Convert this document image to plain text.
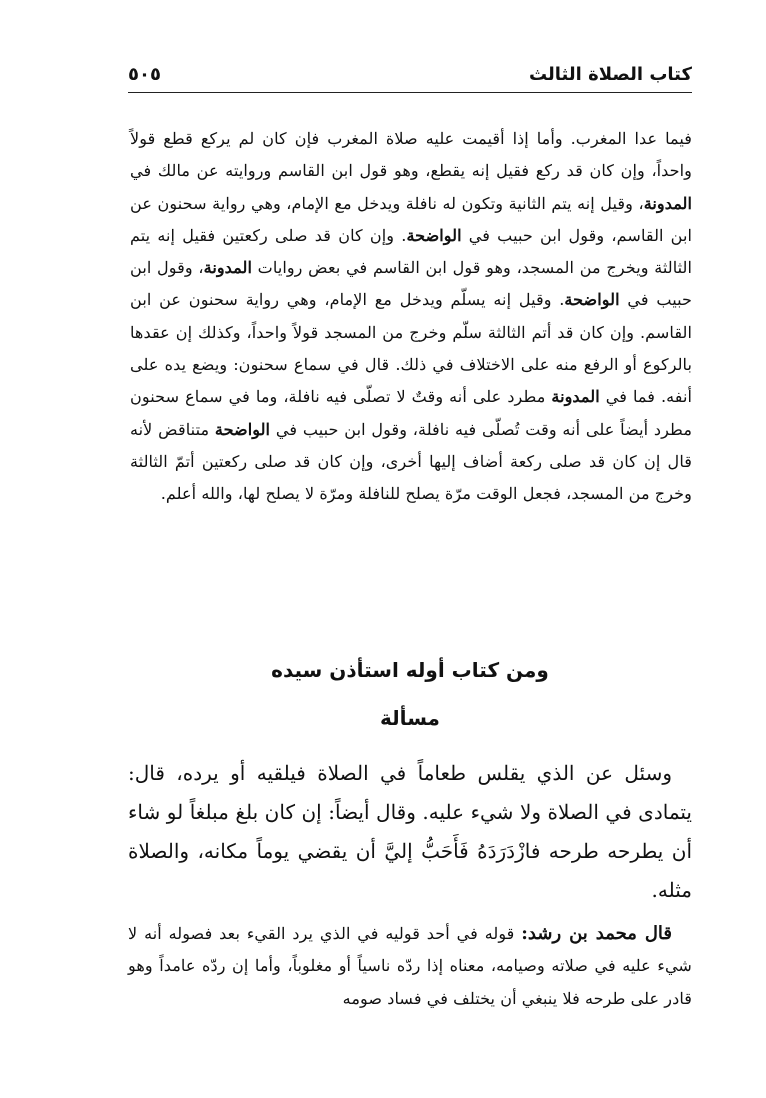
كتاب الصلاة الثالث
٥٠٥

فيما عدا المغرب. وأما إذا أقيمت عليه صلاة المغرب فإن كان لم يركع قطع قولاً واحداً، وإن كان قد ركع فقيل إنه يقطع، وهو قول ابن القاسم وروايته عن مالك في المدونة، وقيل إنه يتم الثانية وتكون له نافلة ويدخل مع الإمام، وهي رواية سحنون عن ابن القاسم، وقول ابن حبيب في الواضحة. وإن كان قد صلى ركعتين فقيل إنه يتم الثالثة ويخرج من المسجد، وهو قول ابن القاسم في بعض روايات المدونة، وقول ابن حبيب في الواضحة. وقيل إنه يسلّم ويدخل مع الإمام، وهي رواية سحنون عن ابن القاسم. وإن كان قد أتم الثالثة سلّم وخرج من المسجد قولاً واحداً، وكذلك إن عقدها بالركوع أو الرفع منه على الاختلاف في ذلك. قال في سماع سحنون: ويضع يده على أنفه. فما في المدونة مطرد على أنه وقتٌ لا تصلّى فيه نافلة، وما في سماع سحنون مطرد أيضاً على أنه وقت تُصلّى فيه نافلة، وقول ابن حبيب في الواضحة متناقض لأنه قال إن كان قد صلى ركعة أضاف إليها أخرى، وإن كان قد صلى ركعتين أتمّ الثالثة وخرج من المسجد، فجعل الوقت مرّة يصلح للنافلة ومرّة لا يصلح لها، والله أعلم.

ومن كتاب أوله استأذن سيده
مسألة

وسئل عن الذي يقلس طعاماً في الصلاة فيلقيه أو يرده، قال: يتمادى في الصلاة ولا شيء عليه. وقال أيضاً: إن كان بلغ مبلغاً لو شاء أن يطرحه طرحه فازْدَرَدَهُ فَأَحَبُّ إليَّ أن يقضي يوماً مكانه، والصلاة مثله.

قال محمد بن رشد: قوله في أحد قوليه في الذي يرد القيء بعد فصوله أنه لا شيء عليه في صلاته وصيامه، معناه إذا ردّه ناسياً أو مغلوباً، وأما إن ردّه عامداً وهو قادر على طرحه فلا ينبغي أن يختلف في فساد صومه
